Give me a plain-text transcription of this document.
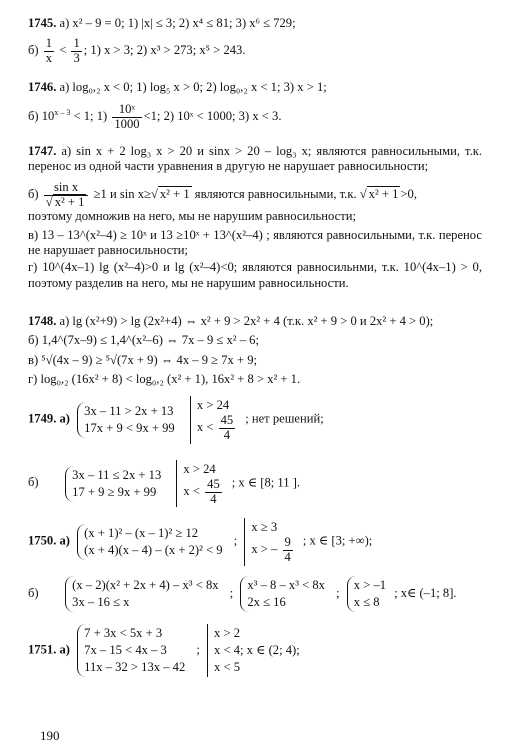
1745. а) x² – 9 = 0; 1) |x| ≤ 3; 2) x⁴ ≤ 81; 3) x⁶ ≤ 729;
$б) \frac{1}{x} < \frac{1}{3}$ ; 1) x > 3; 2) x³ > 273; x⁵ > 243.
1746. а) log₀,₂ x < 0; 1) log₅ x > 0; 2) log₀,₂ x < 1; 3) x > 1;
б) $10^{x - 3} < 1$; $1) \frac{\text{10ˣ}}{1000} <1$; 2) 10ˣ < 1000; 3) x < 3.
1747. а) sin x + 2 log₃ x > 20 и sinx > 20 – log₃ x; являются равносильными, т.к. перенос из одной части уравнения в другую не нарушает равносильности;
$б) \frac{\text{sin x}}{\text{√ x² + 1}} \ge 1$ и sin x≥√ x² + 1 являются равносильными, т.к. √ x² + 1 >0,
поэтому домножив на него, мы не нарушим равносильности;
в) 13 – 13^(x²–4) ≥ 10ˣ и 13 ≥10ˣ + 13^(x²–4) ; являются равносильными, т.к. перенос не нарушает равносильности;
г) 10^(4x–1) lg (x²–4)>0 и lg (x²–4)<0; являются равносильнми, т.к. 10^(4x–1) > 0, поэтому разделив на него, мы не нарушим равносильности.
1748. а) lg (x²+9) > lg (2x²+4) ⇔ x² + 9 > 2x² + 4 (т.к. x² + 9 > 0 и 2x² + 4 > 0);
б) 1,4^(7x–9) ≤ 1,4^(x²–6) ⇔ 7x – 9 ≤ x² – 6;
в) ⁵√(4x – 9) ≥ ⁵√(7x + 9) ⇔ 4x – 9 ≥ 7x + 9;
г) log₀,₂ (16x² + 8) < log₀,₂ (x² + 1), 16x² + 8 > x² + 1.
1749. а)
3x – 11 > 2x + 13
17x + 9 < 9x + 99

x > 24
$x < \frac{45}{4}$ ; нет решений;
б)
3x – 11 ≤ 2x + 13
17 + 9 ≥ 9x + 99

x > 24
$x < \frac{45}{4}$ ; x ∈ [8; 11 ].
1750. а)
(x + 1)² – (x – 1)² ≥ 12
(x + 4)(x – 4) – (x + 2)² < 9
;
x ≥ 3
x > – $\frac{9}{4}$ ; x ∈ [3; +∞);
б)
(x – 2)(x² + 2x + 4) – x³ < 8x
3x – 16 ≤ x
;
x³ – 8 – x³ < 8x
2x ≤ 16
;
x > –1
x ≤ 8
; x∈ (–1; 8].
1751. а)
7 + 3x < 5x + 3
7x – 15 < 4x – 3
11x – 32 > 13x – 42
;
x > 2
x < 4; x ∈ (2; 4);
x < 5
190
